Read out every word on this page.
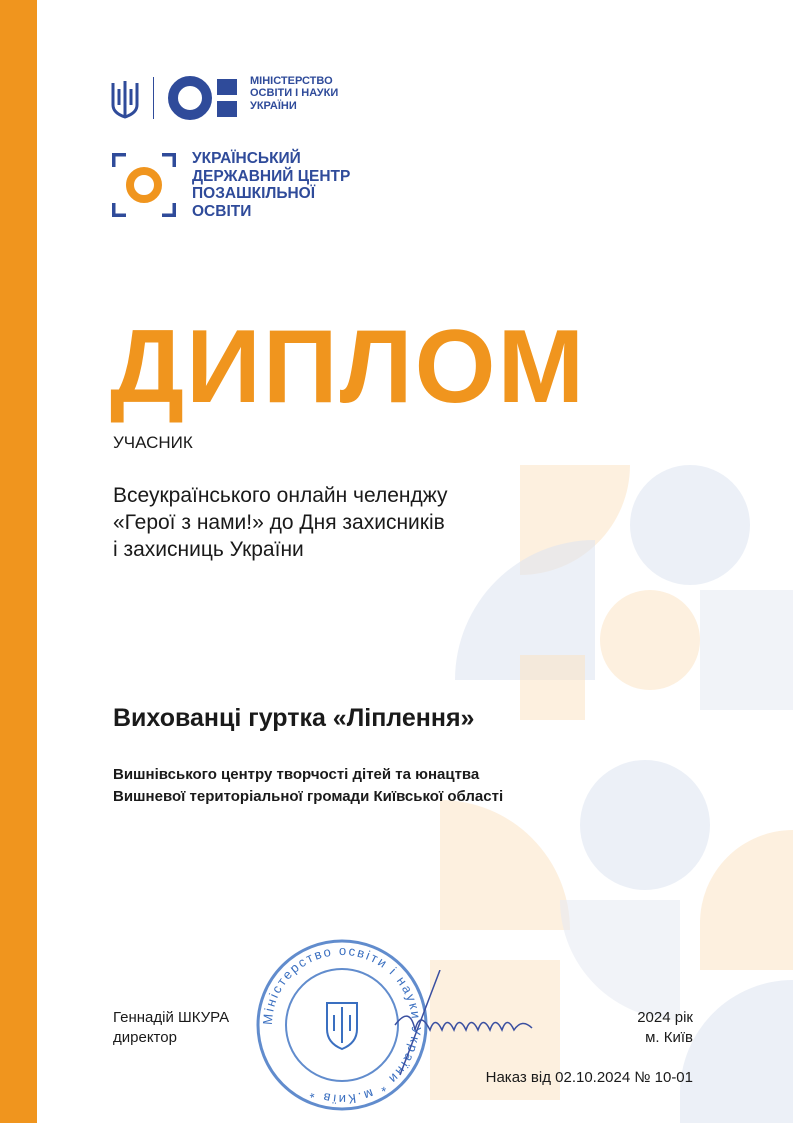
МІНІСТЕРСТВО
ОСВІТИ І НАУКИ
УКРАЇНИ
УКРАЇНСЬКИЙ
ДЕРЖАВНИЙ ЦЕНТР
ПОЗАШКІЛЬНОЇ
ОСВІТИ
ДИПЛОМ
УЧАСНИК
Всеукраїнського онлайн челенджу
«Герої з нами!» до Дня захисників
і захисниць України
Вихованці гуртка «Ліплення»
Вишнівського центру творчості дітей та юнацтва
Вишневої територіальної громади Київської області
Міністерство освіти і науки України * м.Київ *
Геннадій ШКУРА
директор
2024 рік
м. Київ
Наказ від 02.10.2024 № 10-01
